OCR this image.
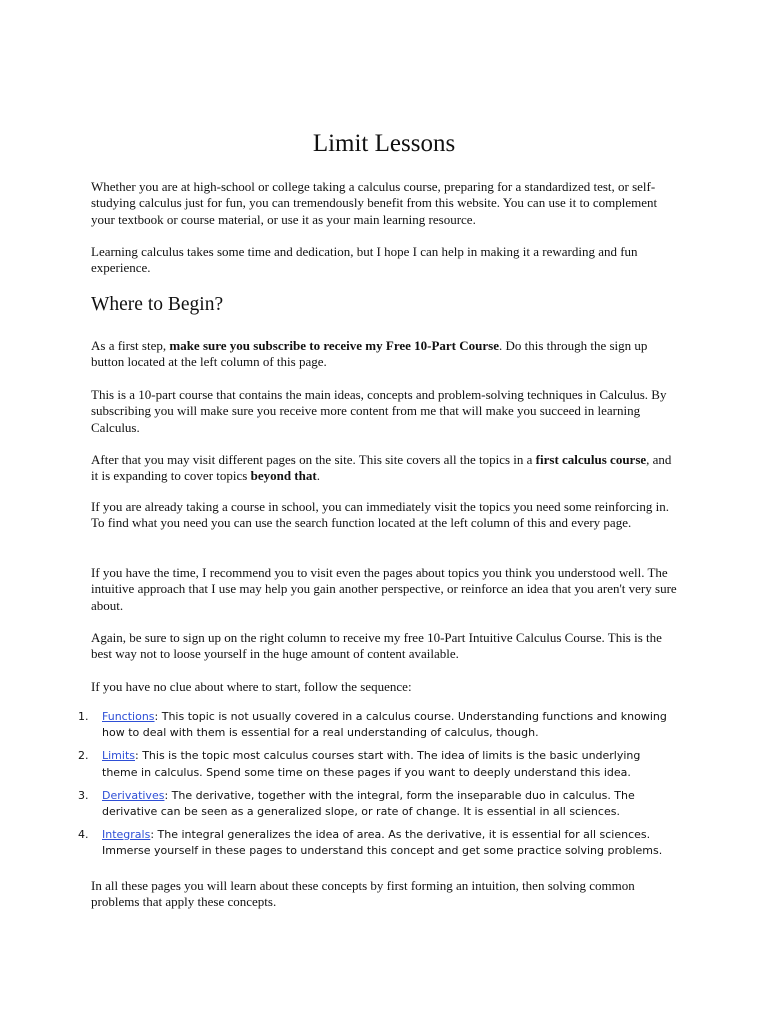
Limit Lessons

Whether you are at high-school or college taking a calculus course, preparing for a standardized test, or self-studying calculus just for fun, you can tremendously benefit from this website. You can use it to complement your textbook or course material, or use it as your main learning resource.

Learning calculus takes some time and dedication, but I hope I can help in making it a rewarding and fun experience.

Where to Begin?

As a first step, make sure you subscribe to receive my Free 10-Part Course. Do this through the sign up button located at the left column of this page.

This is a 10-part course that contains the main ideas, concepts and problem-solving techniques in Calculus. By subscribing you will make sure you receive more content from me that will make you succeed in learning Calculus.

After that you may visit different pages on the site. This site covers all the topics in a first calculus course, and it is expanding to cover topics beyond that.

If you are already taking a course in school, you can immediately visit the topics you need some reinforcing in. To find what you need you can use the search function located at the left column of this and every page.

If you have the time, I recommend you to visit even the pages about topics you think you understood well. The intuitive approach that I use may help you gain another perspective, or reinforce an idea that you aren't very sure about.

Again, be sure to sign up on the right column to receive my free 10-Part Intuitive Calculus Course. This is the best way not to loose yourself in the huge amount of content available.

If you have no clue about where to start, follow the sequence:

1. Functions: This topic is not usually covered in a calculus course. Understanding functions and knowing how to deal with them is essential for a real understanding of calculus, though.
2. Limits: This is the topic most calculus courses start with. The idea of limits is the basic underlying theme in calculus. Spend some time on these pages if you want to deeply understand this idea.
3. Derivatives: The derivative, together with the integral, form the inseparable duo in calculus. The derivative can be seen as a generalized slope, or rate of change. It is essential in all sciences.
4. Integrals: The integral generalizes the idea of area. As the derivative, it is essential for all sciences. Immerse yourself in these pages to understand this concept and get some practice solving problems.

In all these pages you will learn about these concepts by first forming an intuition, then solving common problems that apply these concepts.
